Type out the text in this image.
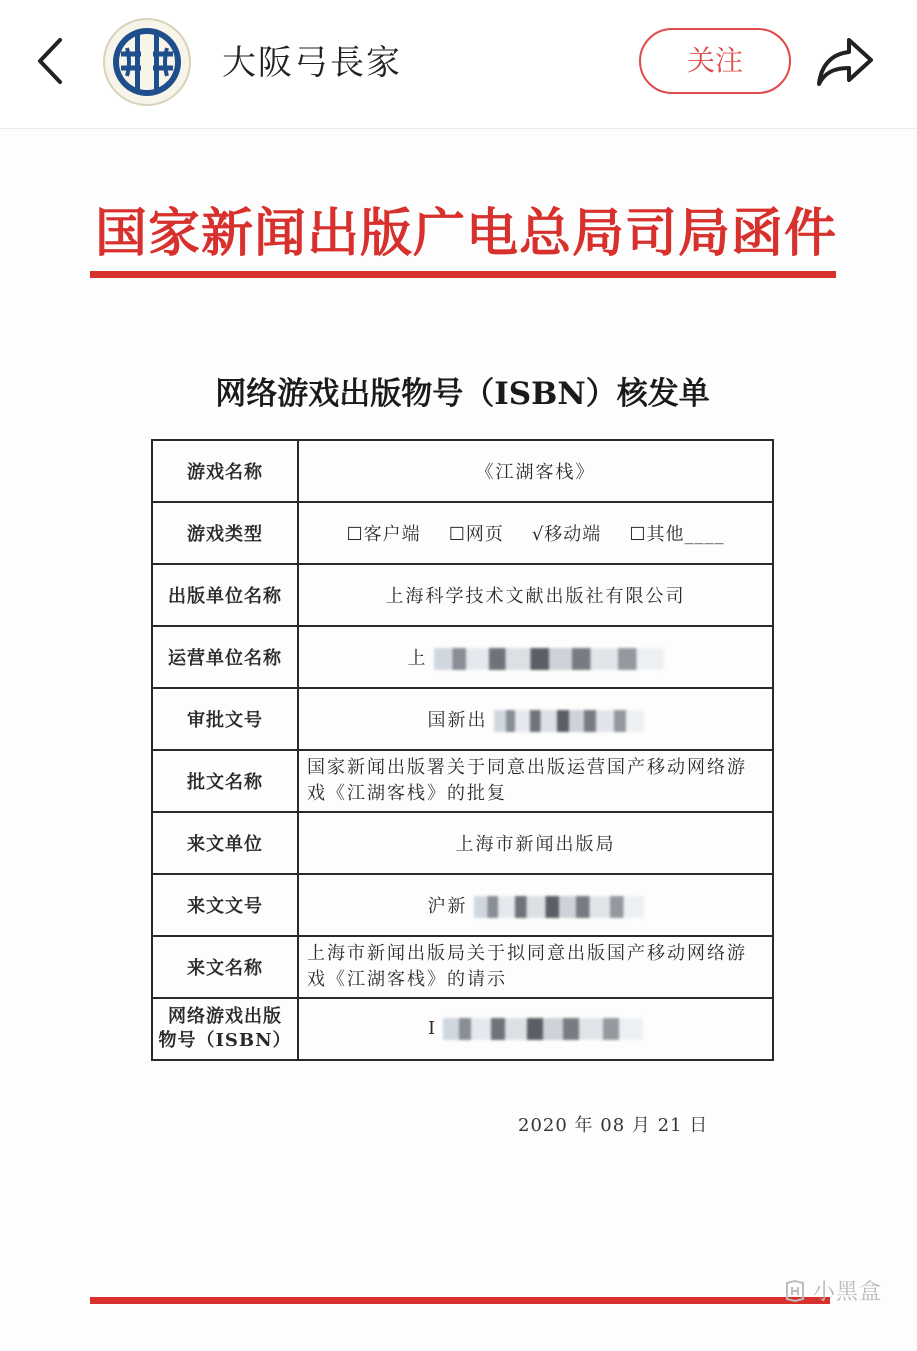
大阪弓長家	关注
国家新闻出版广电总局司局函件
网络游戏出版物号（ISBN）核发单
游戏名称	《江湖客栈》
游戏类型	☐客户端 ☐网页 √移动端 ☐其他____

出版单位名称	上海科学技术文献出版社有限公司
运营单位名称	上
审批文号	国新出
批文名称	国家新闻出版署关于同意出版运营国产移动网络游戏《江湖客栈》的批复
来文单位	上海市新闻出版局
来文文号	沪新
来文名称	上海市新闻出版局关于拟同意出版国产移动网络游戏《江湖客栈》的请示
网络游戏出版
物号（ISBN）	I
2020 年 08 月 21 日
小黑盒
